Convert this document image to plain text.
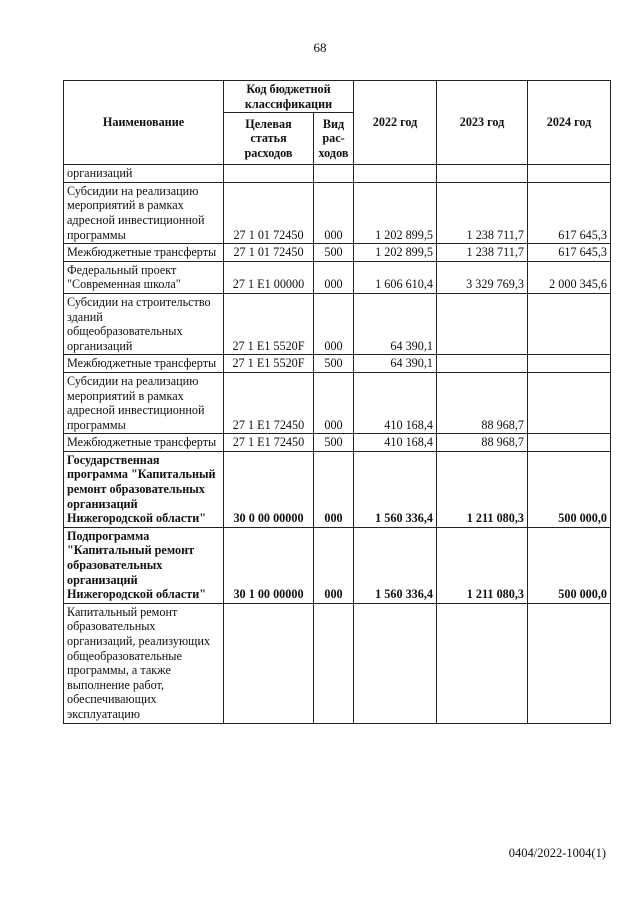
68
Наименование	Код бюджетной классификации		2022 год	2023 год	2024 год
	Целевая статья расходов	Вид рас-ходов			
организаций					
Субсидии на реализацию мероприятий в рамках адресной инвестиционной программы	27 1 01 72450	000	1 202 899,5	1 238 711,7	617 645,3
Межбюджетные трансферты	27 1 01 72450	500	1 202 899,5	1 238 711,7	617 645,3
Федеральный проект "Современная школа"	27 1 E1 00000	000	1 606 610,4	3 329 769,3	2 000 345,6
Субсидии на строительство зданий общеобразовательных организаций	27 1 E1 5520F	000	64 390,1		
Межбюджетные трансферты	27 1 E1 5520F	500	64 390,1		
Субсидии на реализацию мероприятий в рамках адресной инвестиционной программы	27 1 E1 72450	000	410 168,4	88 968,7	
Межбюджетные трансферты	27 1 E1 72450	500	410 168,4	88 968,7	
Государственная программа "Капитальный ремонт образовательных организаций Нижегородской области"	30 0 00 00000	000	1 560 336,4	1 211 080,3	500 000,0
Подпрограмма "Капитальный ремонт образовательных организаций Нижегородской области"	30 1 00 00000	000	1 560 336,4	1 211 080,3	500 000,0
Капитальный ремонт образовательных организаций, реализующих общеобразовательные программы, а также выполнение работ, обеспечивающих эксплуатацию					
0404/2022-1004(1)
